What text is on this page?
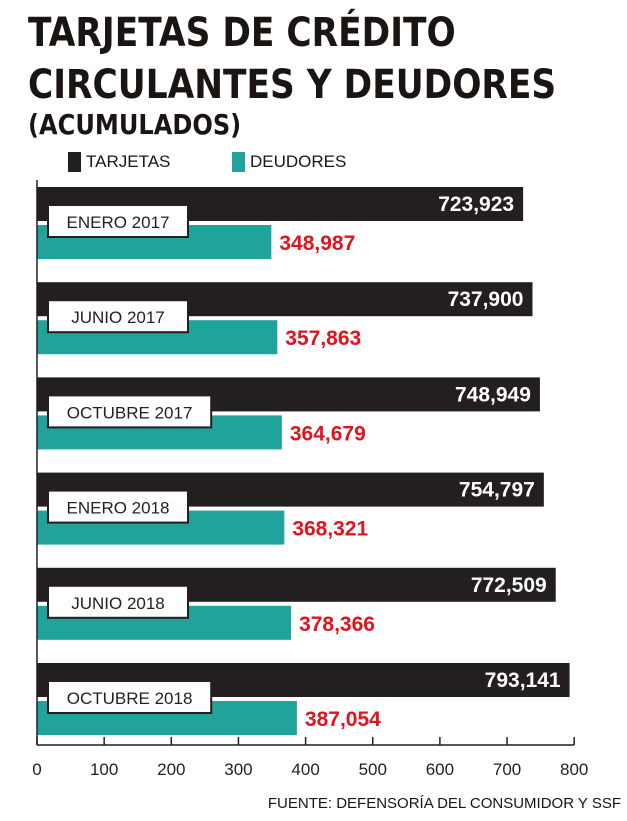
TARJETAS DE CRÉDITO
CIRCULANTES Y DEUDORES
(ACUMULADOS)
TARJETAS	DEUDORES
723,923
348,987
ENERO 2017
737,900
357,863
JUNIO 2017
748,949
364,679
OCTUBRE 2017
754,797
368,321
ENERO 2018
772,509
378,366
JUNIO 2018
793,141
387,054
OCTUBRE 2018
0	100 200 300 400 500 600 700 800
FUENTE: DEFENSORÍA DEL CONSUMIDOR Y SSF
